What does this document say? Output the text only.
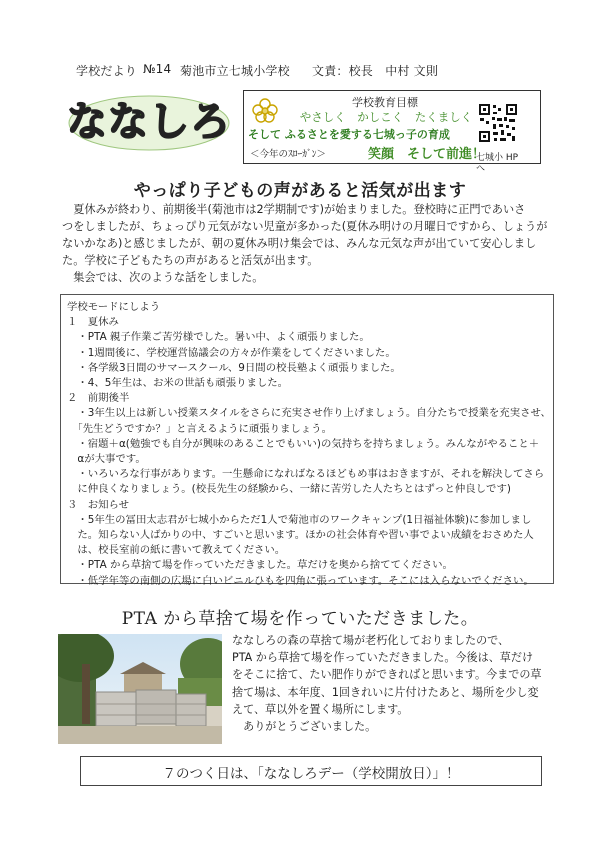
学校だより №14 菊池市立七城小学校 文責：校長　中村 文則
ななしろ	学校教育目標
やさしく　かしこく　たくましく
そして ふるさとを愛する七城っ子の育成
＜今年のｽﾛｰｶﾞﾝ＞	笑顔　そして前進！
七城小 HP
へ
やっぱり子どもの声があると活気が出ます
　夏休みが終わり、前期後半(菊池市は2学期制です)が始まりました。登校時に正門であいさ
つをしましたが、ちょっぴり元気がない児童が多かった(夏休み明けの月曜日ですから、しょうが
ないかなあ)と感じましたが、朝の夏休み明け集会では、みんな元気な声が出ていて安心しまし
た。学校に子どもたちの声があると活気が出ます。
　集会では、次のような話をしました。
学校モードにしよう
１　夏休み
　・PTA 親子作業ご苦労様でした。暑い中、よく頑張りました。
　・1週間後に、学校運営協議会の方々が作業をしてくださいました。
　・各学級3日間のサマースクール、9日間の校長塾よく頑張りました。
　・4、5年生は、お米の世話も頑張りました。
２　前期後半
　・3年生以上は新しい授業スタイルをさらに充実させ作り上げましょう。自分たちで授業を充実させ、
　「先生どうですか？」と言えるように頑張りましょう。
　・宿題＋α(勉強でも自分が興味のあることでもいい)の気持ちを持ちましょう。みんながやること＋
　αが大事です。
　・いろいろな行事があります。一生懸命になればなるほどもめ事はおきますが、それを解決してさら
　に仲良くなりましょう。(校長先生の経験から、一緒に苦労した人たちとはずっと仲良しです)
３　お知らせ
　・5年生の冨田太志君が七城小からただ1人で菊池市のワークキャンプ(1日福祉体験)に参加しまし
　た。知らない人ばかりの中、すごいと思います。ほかの社会体育や習い事でよい成績をおさめた人
　は、校長室前の紙に書いて教えてください。
　・PTA から草捨て場を作っていただきました。草だけを奥から捨ててください。
　・低学年等の南側の広場に白いビニルひもを四角に張っています。そこには入らないでください。
PTA から草捨て場を作っていただきました。
ななしろの森の草捨て場が老朽化しておりましたので、
PTA から草捨て場を作っていただきました。今後は、草だけ
をそこに捨て、たい肥作りができればと思います。今までの草
捨て場は、本年度、1回きれいに片付けたあと、場所を少し変
えて、草以外を置く場所にします。
　ありがとうございました。
７のつく日は、「ななしろデー（学校開放日）」！
